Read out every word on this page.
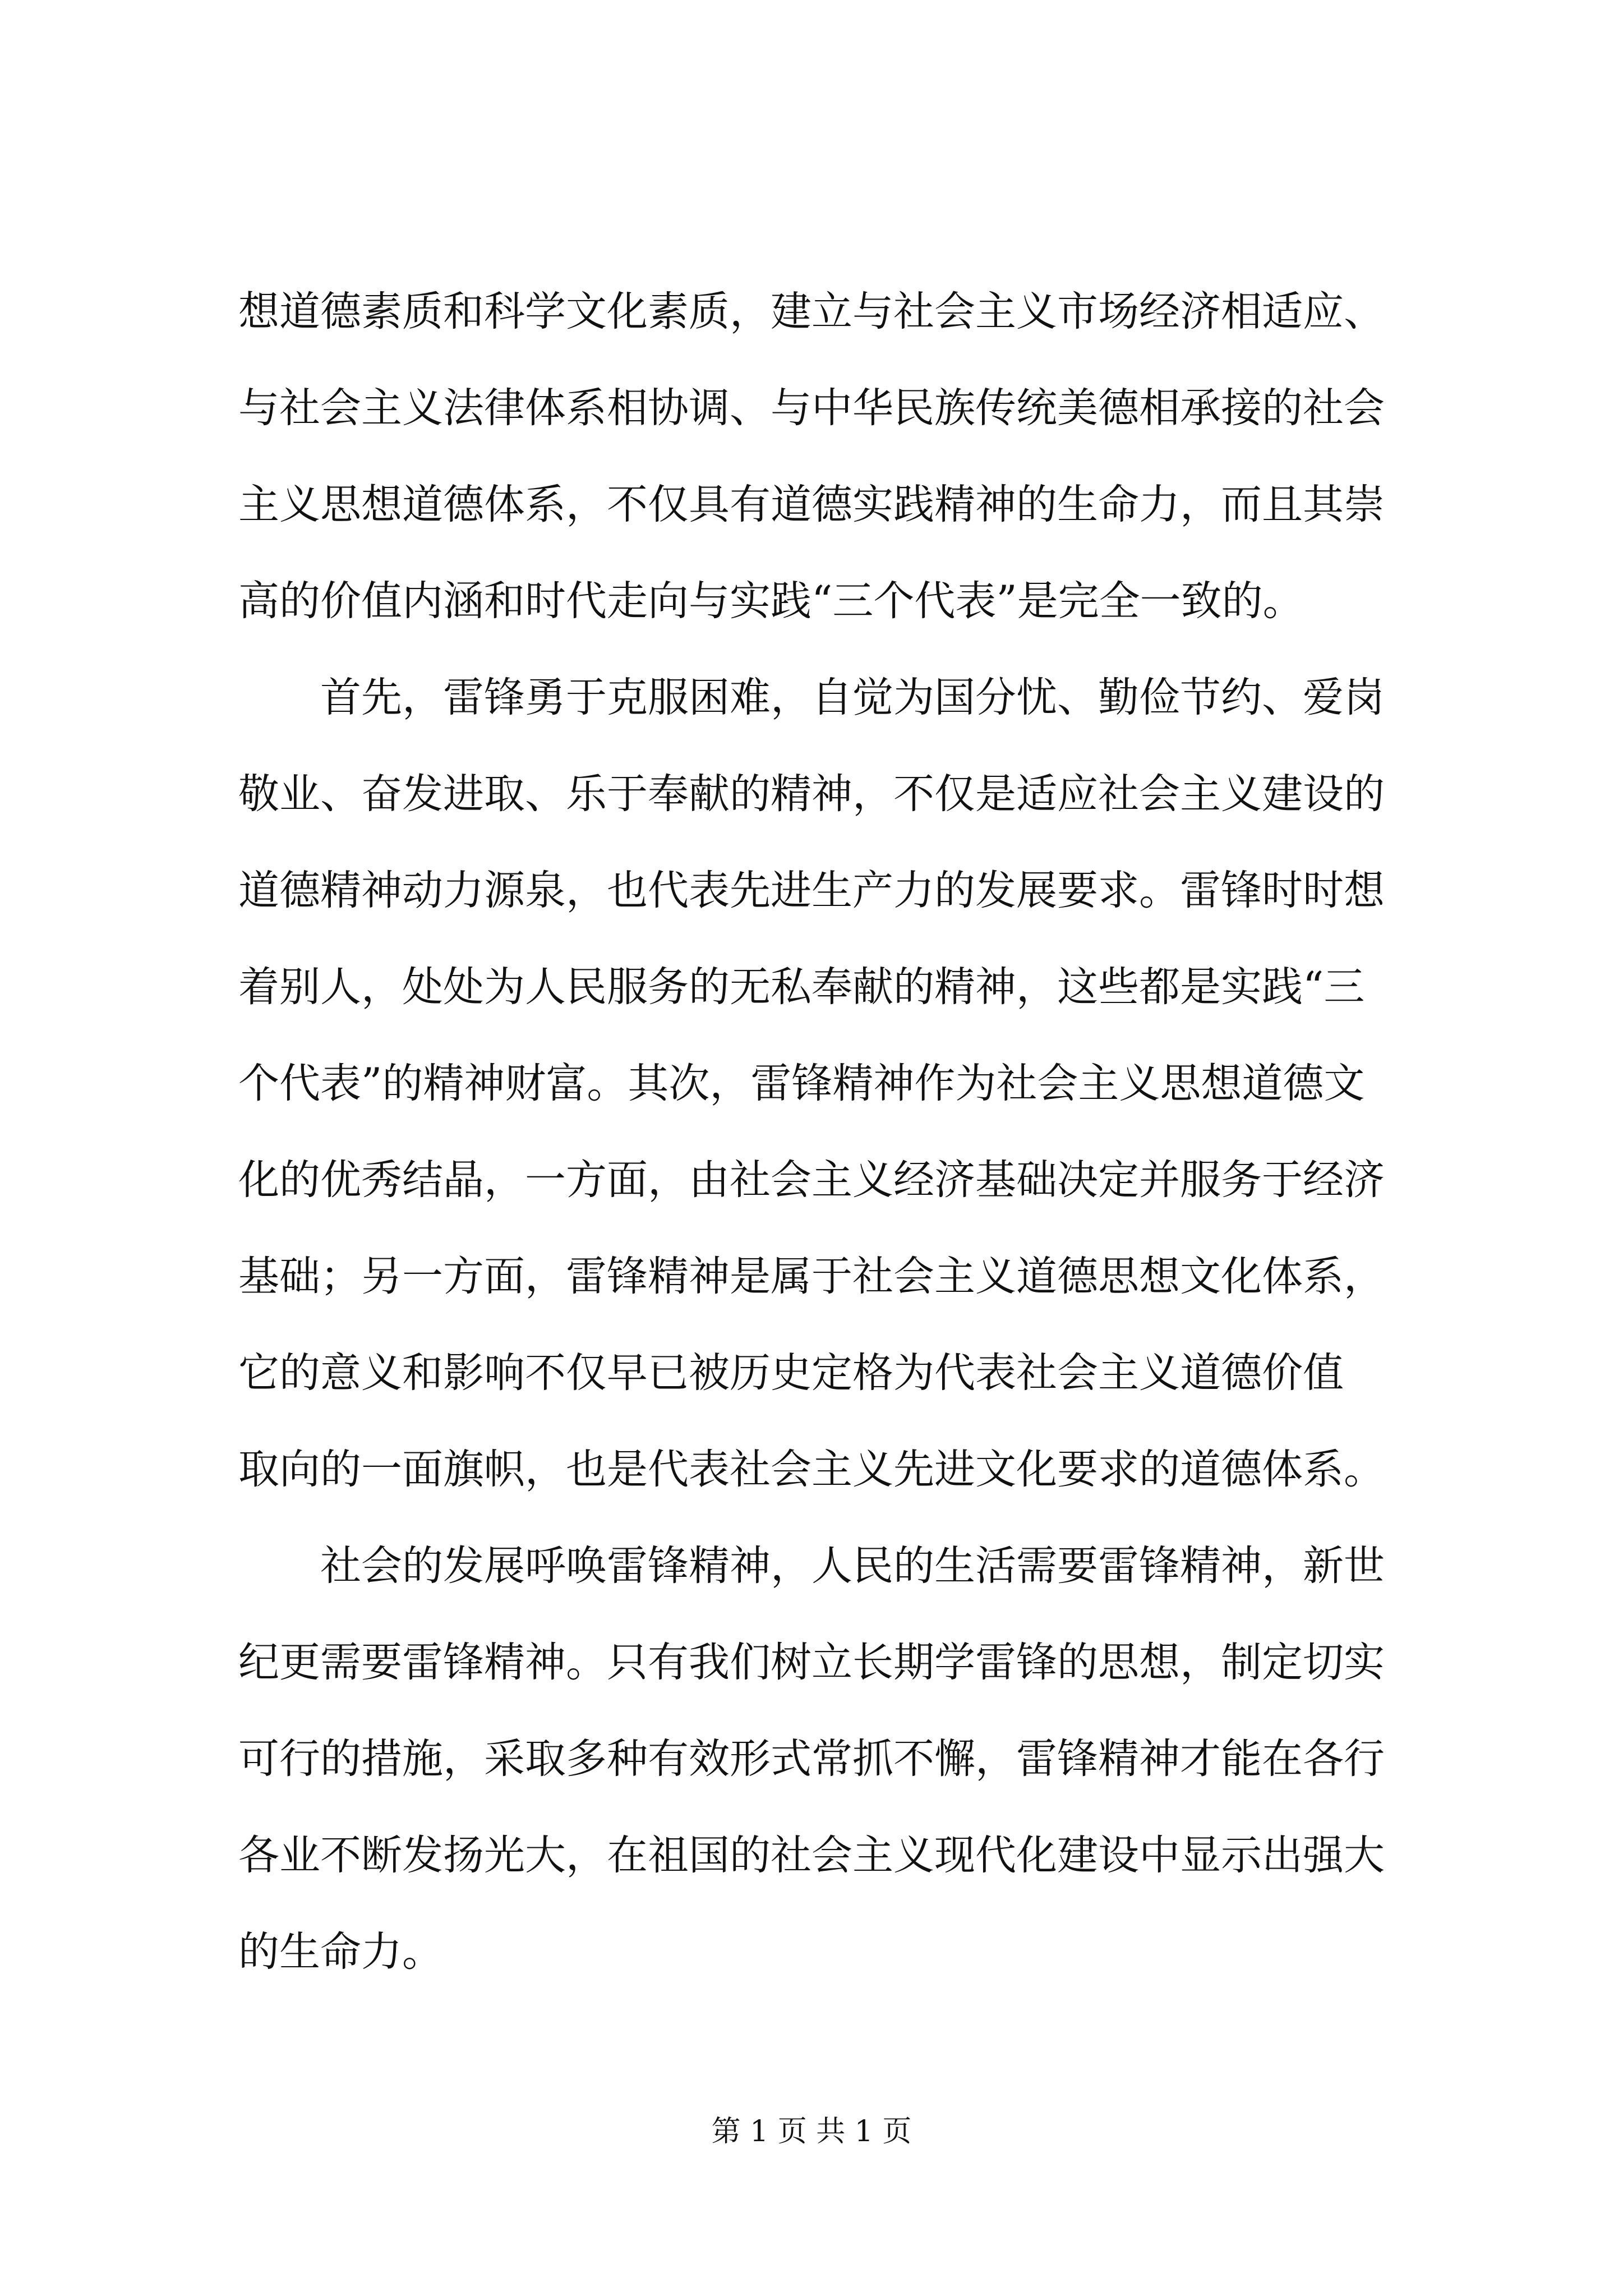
想道德素质和科学文化素质，建立与社会主义市场经济相适应、
与社会主义法律体系相协调、与中华民族传统美德相承接的社会
主义思想道德体系，不仅具有道德实践精神的生命力，而且其崇
高的价值内涵和时代走向与实践“三个代表”是完全一致的。
首先，雷锋勇于克服困难，自觉为国分忧、勤俭节约、爱岗
敬业、奋发进取、乐于奉献的精神，不仅是适应社会主义建设的
道德精神动力源泉，也代表先进生产力的发展要求。雷锋时时想
着别人，处处为人民服务的无私奉献的精神，这些都是实践“三
个代表”的精神财富。其次，雷锋精神作为社会主义思想道德文
化的优秀结晶，一方面，由社会主义经济基础决定并服务于经济
基础；另一方面，雷锋精神是属于社会主义道德思想文化体系，
它的意义和影响不仅早已被历史定格为代表社会主义道德价值
取向的一面旗帜，也是代表社会主义先进文化要求的道德体系。
社会的发展呼唤雷锋精神，人民的生活需要雷锋精神，新世
纪更需要雷锋精神。只有我们树立长期学雷锋的思想，制定切实
可行的措施，采取多种有效形式常抓不懈，雷锋精神才能在各行
各业不断发扬光大，在祖国的社会主义现代化建设中显示出强大
的生命力。
第 1 页 共 1 页
